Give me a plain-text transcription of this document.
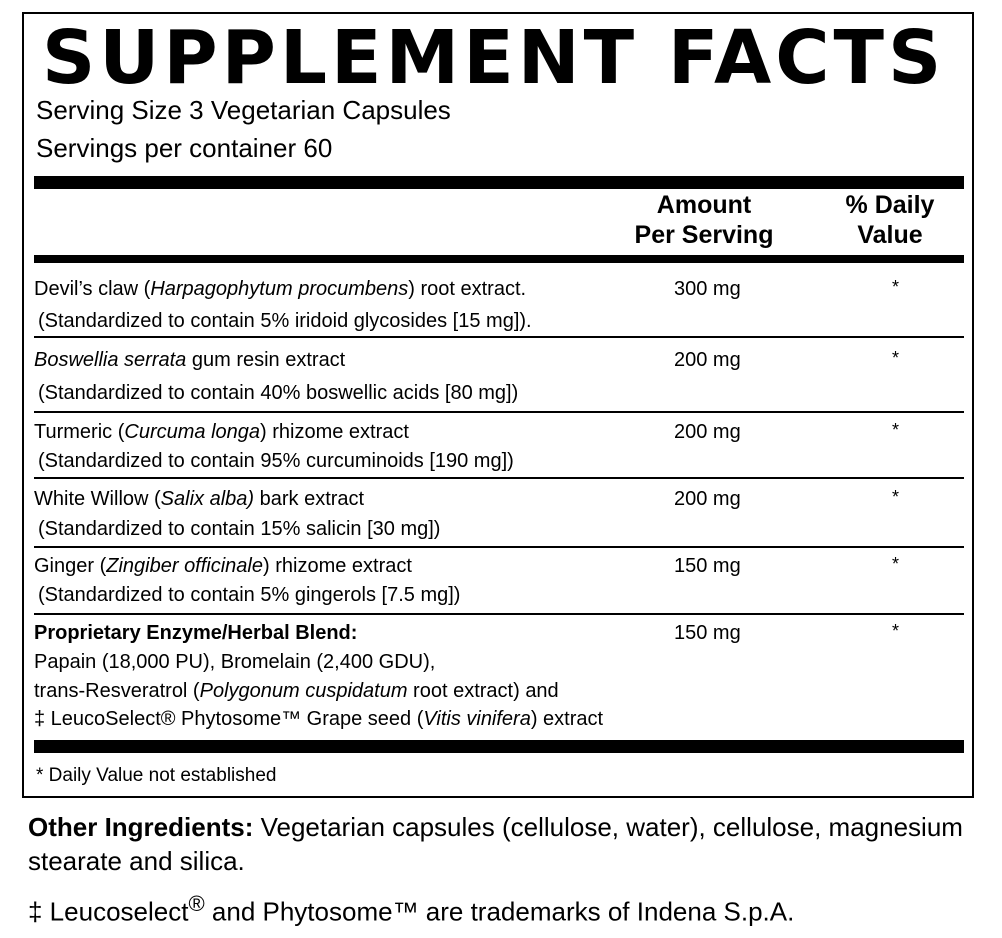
SUPPLEMENT FACTS
Serving Size 3 Vegetarian Capsules
Servings per container 60
Amount
Per Serving
% Daily
Value
Devil’s claw (Harpagophytum procumbens) root extract.
(Standardized to contain 5% iridoid glycosides [15 mg]).
300 mg	*
Boswellia serrata gum resin extract
(Standardized to contain 40% boswellic acids [80 mg])
200 mg	*
Turmeric (Curcuma longa) rhizome extract
(Standardized to contain 95% curcuminoids [190 mg])
200 mg	*
White Willow (Salix alba) bark extract
(Standardized to contain 15% salicin [30 mg])
200 mg	*
Ginger (Zingiber officinale) rhizome extract
(Standardized to contain 5% gingerols [7.5 mg])
150 mg	*
Proprietary Enzyme/Herbal Blend:
Papain (18,000 PU), Bromelain (2,400 GDU),
trans-Resveratrol (Polygonum cuspidatum root extract) and
‡ LeucoSelect® Phytosome™ Grape seed (Vitis vinifera) extract
150 mg	*
* Daily Value not established
Other Ingredients: Vegetarian capsules (cellulose, water), cellulose, magnesium stearate and silica.
‡ Leucoselect® and Phytosome™ are trademarks of Indena S.p.A.
